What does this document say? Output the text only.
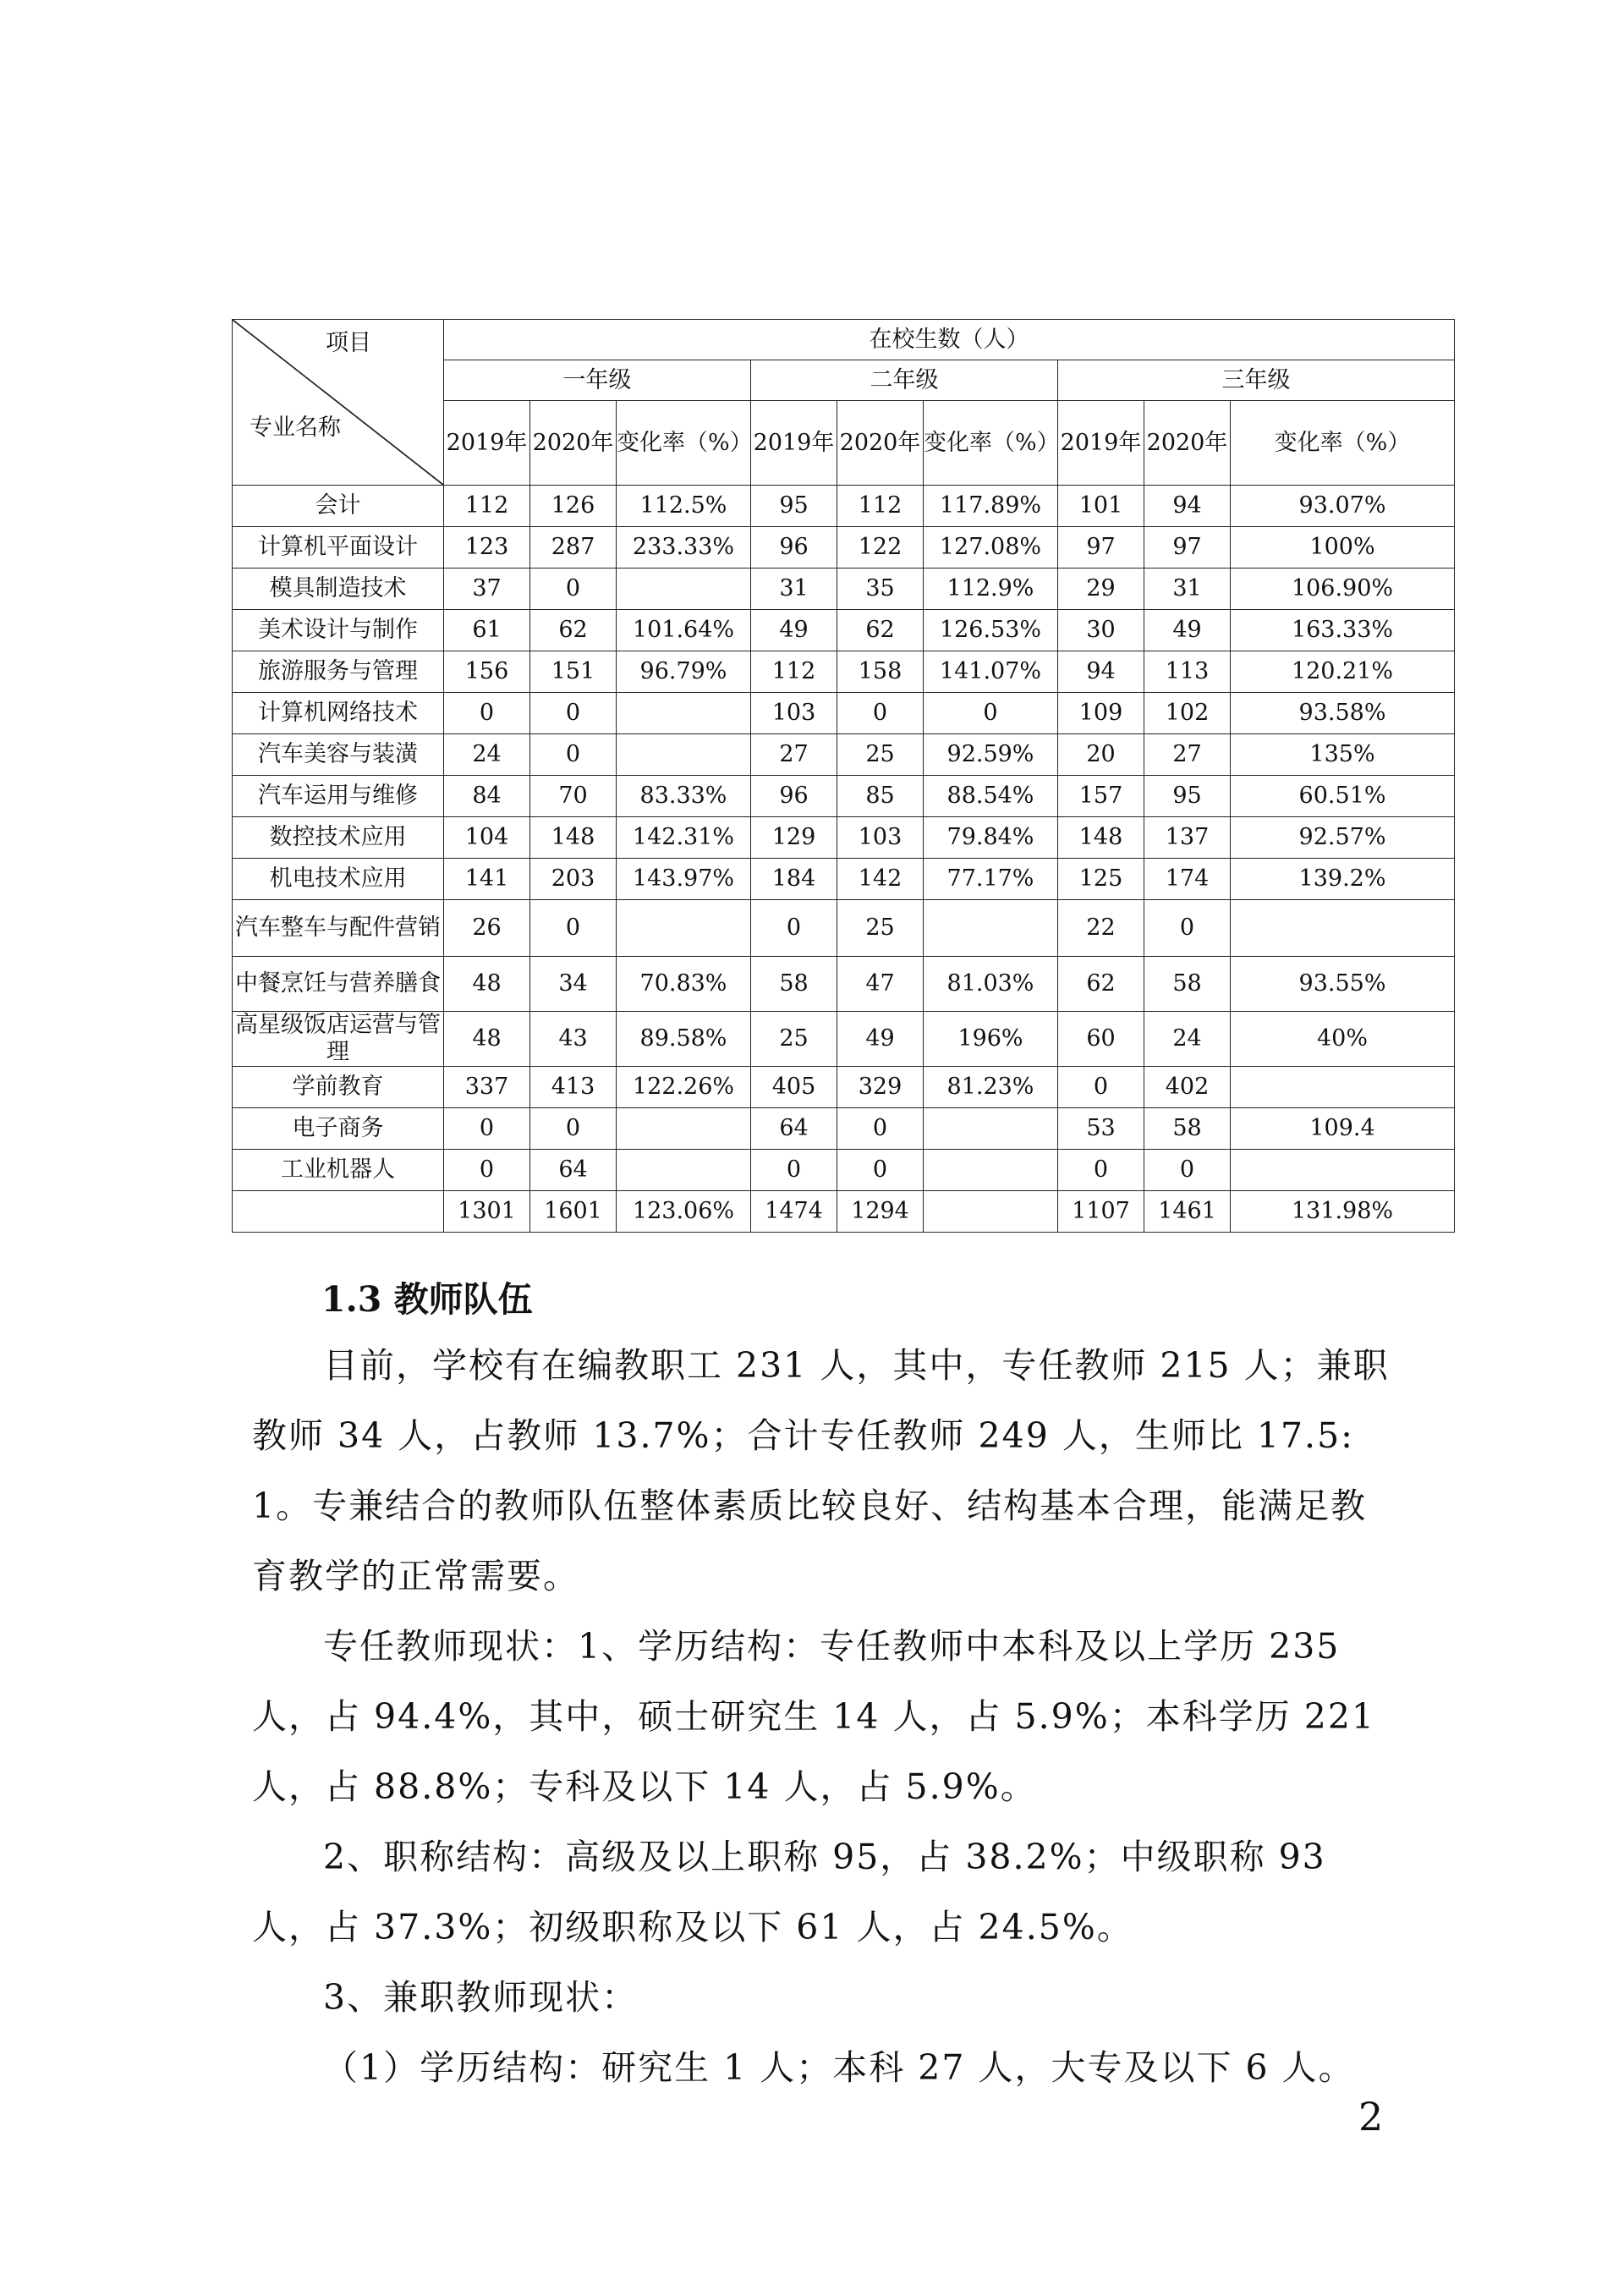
项目
专业名称	在校生数（人）								
	一年级			二年级			三年级		
	2019年	2020年	变化率（%）	2019年	2020年	变化率（%）	2019年	2020年	变化率（%）
会计	112	126	112.5%	95	112	117.89%	101	94	93.07%
计算机平面设计	123	287	233.33%	96	122	127.08%	97	97	100%
模具制造技术	37	0		31	35	112.9%	29	31	106.90%
美术设计与制作	61	62	101.64%	49	62	126.53%	30	49	163.33%
旅游服务与管理	156	151	96.79%	112	158	141.07%	94	113	120.21%
计算机网络技术	0	0		103	0	0	109	102	93.58%
汽车美容与装潢	24	0		27	25	92.59%	20	27	135%
汽车运用与维修	84	70	83.33%	96	85	88.54%	157	95	60.51%
数控技术应用	104	148	142.31%	129	103	79.84%	148	137	92.57%
机电技术应用	141	203	143.97%	184	142	77.17%	125	174	139.2%
汽车整车与配件营销	26	0		0	25		22	0	
中餐烹饪与营养膳食	48	34	70.83%	58	47	81.03%	62	58	93.55%
高星级饭店运营与管理	48	43	89.58%	25	49	196%	60	24	40%
学前教育	337	413	122.26%	405	329	81.23%	0	402	
电子商务	0	0		64	0		53	58	109.4
工业机器人	0	64		0	0		0	0	
	1301	1601	123.06%	1474	1294		1107	1461	131.98%
1.3 教师队伍

目前，学校有在编教职工 231 人，其中，专任教师 215 人；兼职教师 34 人，占教师 13.7%；合计专任教师 249 人，生师比 17.5: 1。专兼结合的教师队伍整体素质比较良好、结构基本合理，能满足教育教学的正常需要。

专任教师现状：1、学历结构：专任教师中本科及以上学历 235 人，占 94.4%，其中，硕士研究生 14 人，占 5.9%；本科学历 221 人，占 88.8%；专科及以下 14 人，占 5.9%。

2、职称结构：高级及以上职称 95，占 38.2%；中级职称 93 人，占 37.3%；初级职称及以下 61 人，占 24.5%。

3、兼职教师现状：

（1）学历结构：研究生 1 人；本科 27 人，大专及以下 6 人。

2
